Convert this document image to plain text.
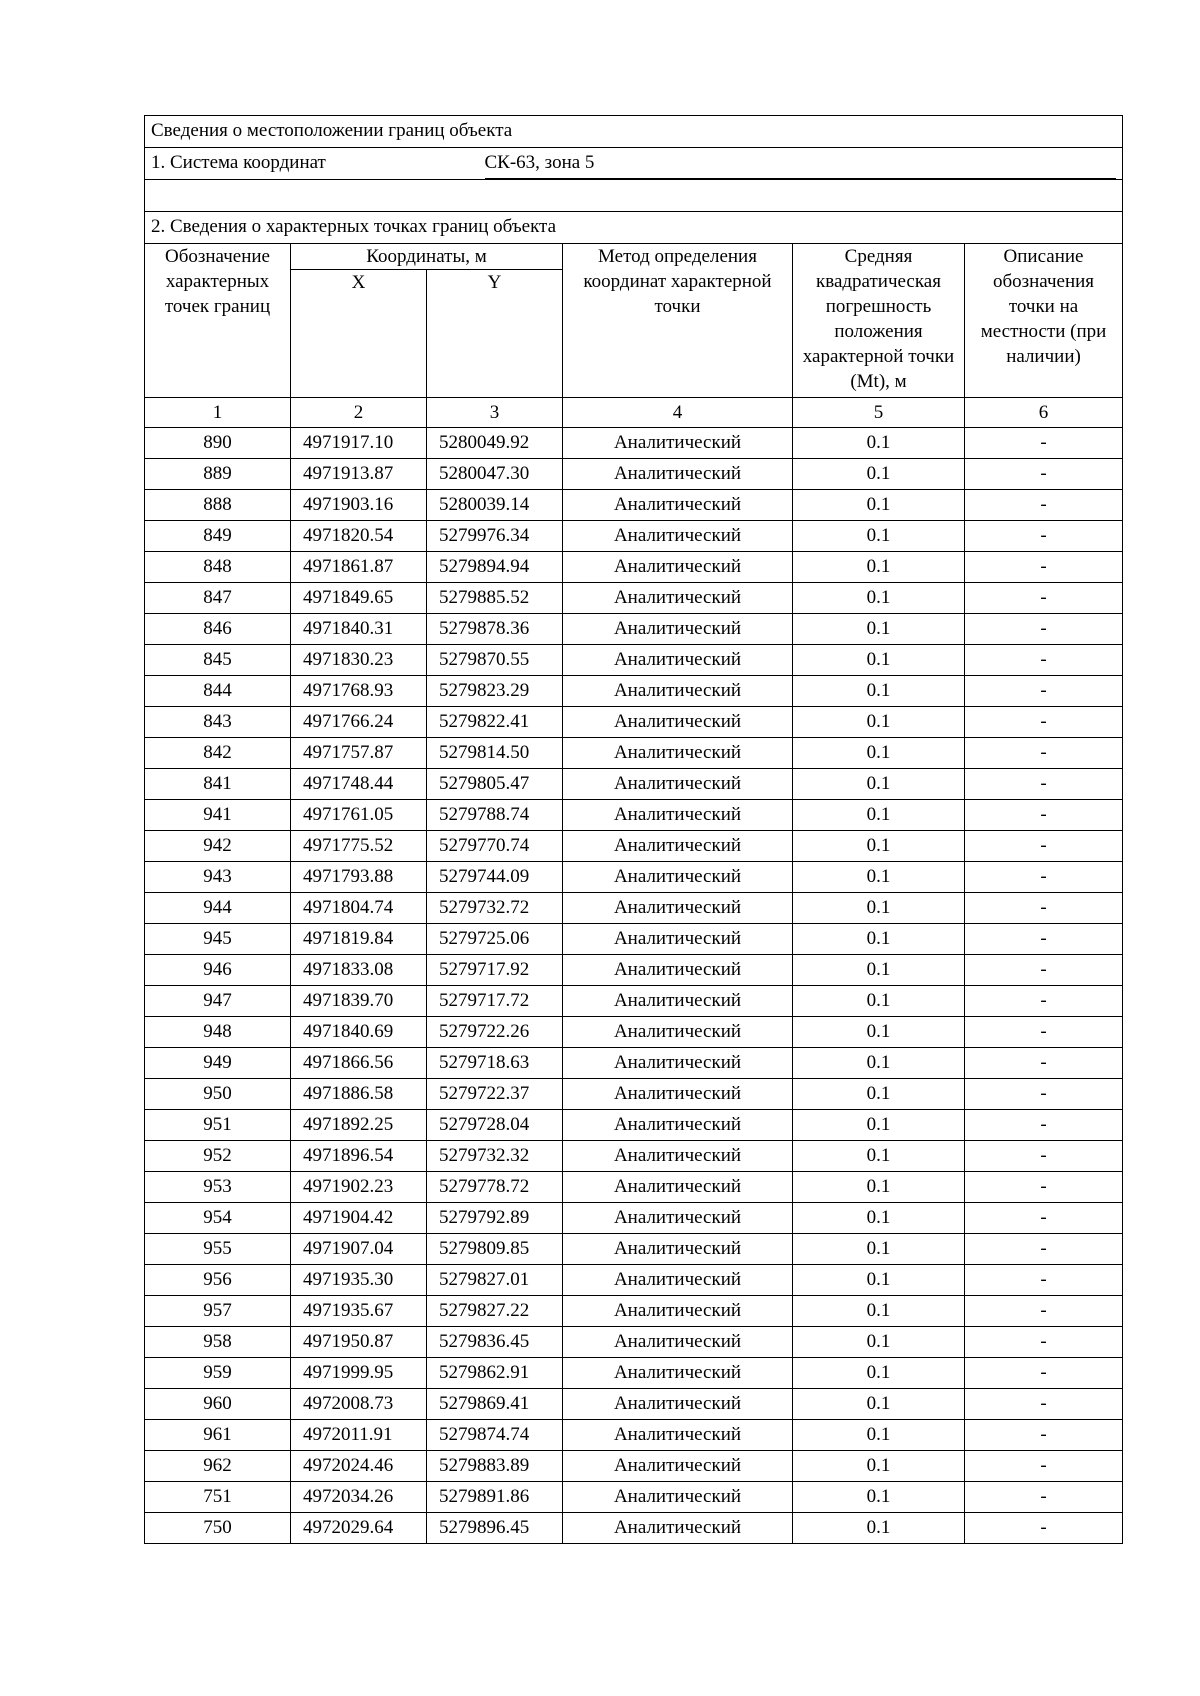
Сведения о местоположении границ объекта					
1. Система координат			СК-63, зона 5		

2. Сведения о характерных точках границ объекта					
Обозначение характерных точек границ	Координаты, м		Метод определения координат характерной точки	Средняя квадратическая погрешность положения характерной точки (Mt), м	Описание обозначения точки на местности (при наличии)
	X	Y			
1	2	3	4	5	6
890	4971917.10	5280049.92	Аналитический	0.1	-
889	4971913.87	5280047.30	Аналитический	0.1	-
888	4971903.16	5280039.14	Аналитический	0.1	-
849	4971820.54	5279976.34	Аналитический	0.1	-
848	4971861.87	5279894.94	Аналитический	0.1	-
847	4971849.65	5279885.52	Аналитический	0.1	-
846	4971840.31	5279878.36	Аналитический	0.1	-
845	4971830.23	5279870.55	Аналитический	0.1	-
844	4971768.93	5279823.29	Аналитический	0.1	-
843	4971766.24	5279822.41	Аналитический	0.1	-
842	4971757.87	5279814.50	Аналитический	0.1	-
841	4971748.44	5279805.47	Аналитический	0.1	-
941	4971761.05	5279788.74	Аналитический	0.1	-
942	4971775.52	5279770.74	Аналитический	0.1	-
943	4971793.88	5279744.09	Аналитический	0.1	-
944	4971804.74	5279732.72	Аналитический	0.1	-
945	4971819.84	5279725.06	Аналитический	0.1	-
946	4971833.08	5279717.92	Аналитический	0.1	-
947	4971839.70	5279717.72	Аналитический	0.1	-
948	4971840.69	5279722.26	Аналитический	0.1	-
949	4971866.56	5279718.63	Аналитический	0.1	-
950	4971886.58	5279722.37	Аналитический	0.1	-
951	4971892.25	5279728.04	Аналитический	0.1	-
952	4971896.54	5279732.32	Аналитический	0.1	-
953	4971902.23	5279778.72	Аналитический	0.1	-
954	4971904.42	5279792.89	Аналитический	0.1	-
955	4971907.04	5279809.85	Аналитический	0.1	-
956	4971935.30	5279827.01	Аналитический	0.1	-
957	4971935.67	5279827.22	Аналитический	0.1	-
958	4971950.87	5279836.45	Аналитический	0.1	-
959	4971999.95	5279862.91	Аналитический	0.1	-
960	4972008.73	5279869.41	Аналитический	0.1	-
961	4972011.91	5279874.74	Аналитический	0.1	-
962	4972024.46	5279883.89	Аналитический	0.1	-
751	4972034.26	5279891.86	Аналитический	0.1	-
750	4972029.64	5279896.45	Аналитический	0.1	-
